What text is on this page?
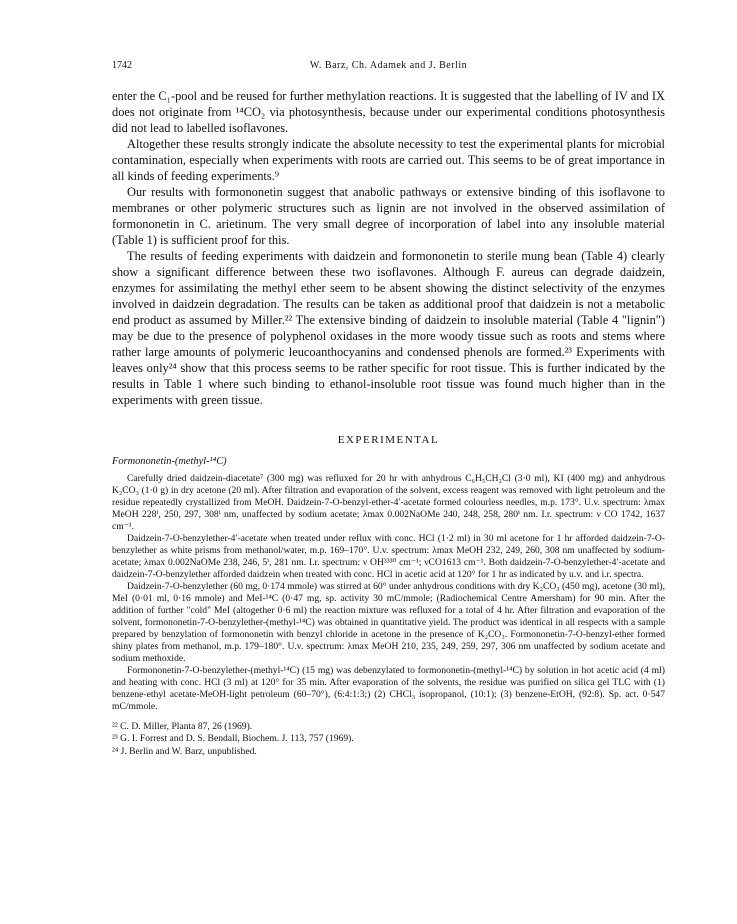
1742	W. Barz, Ch. Adamek and J. Berlin

enter the C₁-pool and be reused for further methylation reactions. It is suggested that the labelling of IV and IX does not originate from ¹⁴CO₂ via photosynthesis, because under our experimental conditions photosynthesis did not lead to labelled isoflavones.

Altogether these results strongly indicate the absolute necessity to test the experimental plants for microbial contamination, especially when experiments with roots are carried out. This seems to be of great importance in all kinds of feeding experiments.⁹

Our results with formononetin suggest that anabolic pathways or extensive binding of this isoflavone to membranes or other polymeric structures such as lignin are not involved in the observed assimilation of formononetin in C. arietinum. The very small degree of incorporation of label into any insoluble material (Table 1) is sufficient proof for this.

The results of feeding experiments with daidzein and formononetin to sterile mung bean (Table 4) clearly show a significant difference between these two isoflavones. Although F. aureus can degrade daidzein, enzymes for assimilating the methyl ether seem to be absent showing the distinct selectivity of the enzymes involved in daidzein degradation. The results can be taken as additional proof that daidzein is not a metabolic end product as assumed by Miller.²² The extensive binding of daidzein to insoluble material (Table 4 "lignin") may be due to the presence of polyphenol oxidases in the more woody tissue such as roots and stems where rather large amounts of polymeric leucoanthocyanins and condensed phenols are formed.²³ Experiments with leaves only²⁴ show that this process seems to be rather specific for root tissue. This is further indicated by the results in Table 1 where such binding to ethanol-insoluble root tissue was found much higher than in the experiments with green tissue.

EXPERIMENTAL

Formononetin-(methyl-¹⁴C)

Carefully dried daidzein-diacetate⁷ (300 mg) was refluxed for 20 hr with anhydrous C₆H₅CH₂Cl (3·0 ml), KI (400 mg) and anhydrous K₂CO₃ (1·0 g) in dry acetone (20 ml). After filtration and evaporation of the solvent, excess reagent was removed with light petroleum and the residue repeatedly crystallized from MeOH. Daidzein-7-O-benzyl-ether-4′-acetate formed colourless needles, m.p. 173°. U.v. spectrum: λmax MeOH 228ⁱ, 250, 297, 308ⁱ nm, unaffected by sodium acetate; λmax 0.002NaOMe 240, 248, 258, 280ⁱ nm. I.r. spectrum: ν CO 1742, 1637 cm⁻¹.

Daidzein-7-O-benzylether-4′-acetate when treated under reflux with conc. HCl (1·2 ml) in 30 ml acetone for 1 hr afforded daidzein-7-O-benzylether as white prisms from methanol/water, m.p. 169–170°. U.v. spectrum: λmax MeOH 232, 249, 260, 308 nm unaffected by sodium-acetate; λmax 0.002NaOMe 238, 246, 5ⁱ, 281 nm. I.r. spectrum: ν OH³³³⁰ cm⁻¹; νCO1613 cm⁻¹. Both daidzein-7-O-benzylether-4′-acetate and daidzein-7-O-benzylether afforded daidzein when treated with conc. HCl in acetic acid at 120° for 1 hr as indicated by u.v. and i.r. spectra.

Daidzein-7-O-benzylether (60 mg, 0·174 mmole) was stirred at 60° under anhydrous conditions with dry K₂CO₃ (450 mg), acetone (30 ml), MeI (0·01 ml, 0·16 mmole) and MeI-¹⁴C (0·47 mg, sp. activity 30 mC/mmole; (Radiochemical Centre Amersham) for 90 min. After the addition of further "cold" MeI (altogether 0·6 ml) the reaction mixture was refluxed for a total of 4 hr. After filtration and evaporation of the solvent, formononetin-7-O-benzylether-(methyl-¹⁴C) was obtained in quantitative yield. The product was identical in all respects with a sample prepared by benzylation of formononetin with benzyl chloride in acetone in the presence of K₂CO₃. Formononetin-7-O-benzyl-ether formed shiny plates from methanol, m.p. 179–180°. U.v. spectrum: λmax MeOH 210, 235, 249, 259, 297, 306 nm unaffected by sodium acetate and sodium methoxide.

Formononetin-7-O-benzylether-(methyl-¹⁴C) (15 mg) was debenzylated to formononetin-(methyl-¹⁴C) by solution in hot acetic acid (4 ml) and heating with conc. HCl (3 ml) at 120° for 35 min. After evaporation of the solvents, the residue was purified on silica gel TLC with (1) benzene-ethyl acetate-MeOH-light petroleum (60–70°), (6:4:1:3;) (2) CHCl₃ isopropanol, (10:1); (3) benzene-EtOH, (92:8). Sp. act. 0·547 mC/mmole.

²² C. D. Miller, Planta 87, 26 (1969).

²³ G. I. Forrest and D. S. Bendall, Biochem. J. 113, 757 (1969).

²⁴ J. Berlin and W. Barz, unpublished.
